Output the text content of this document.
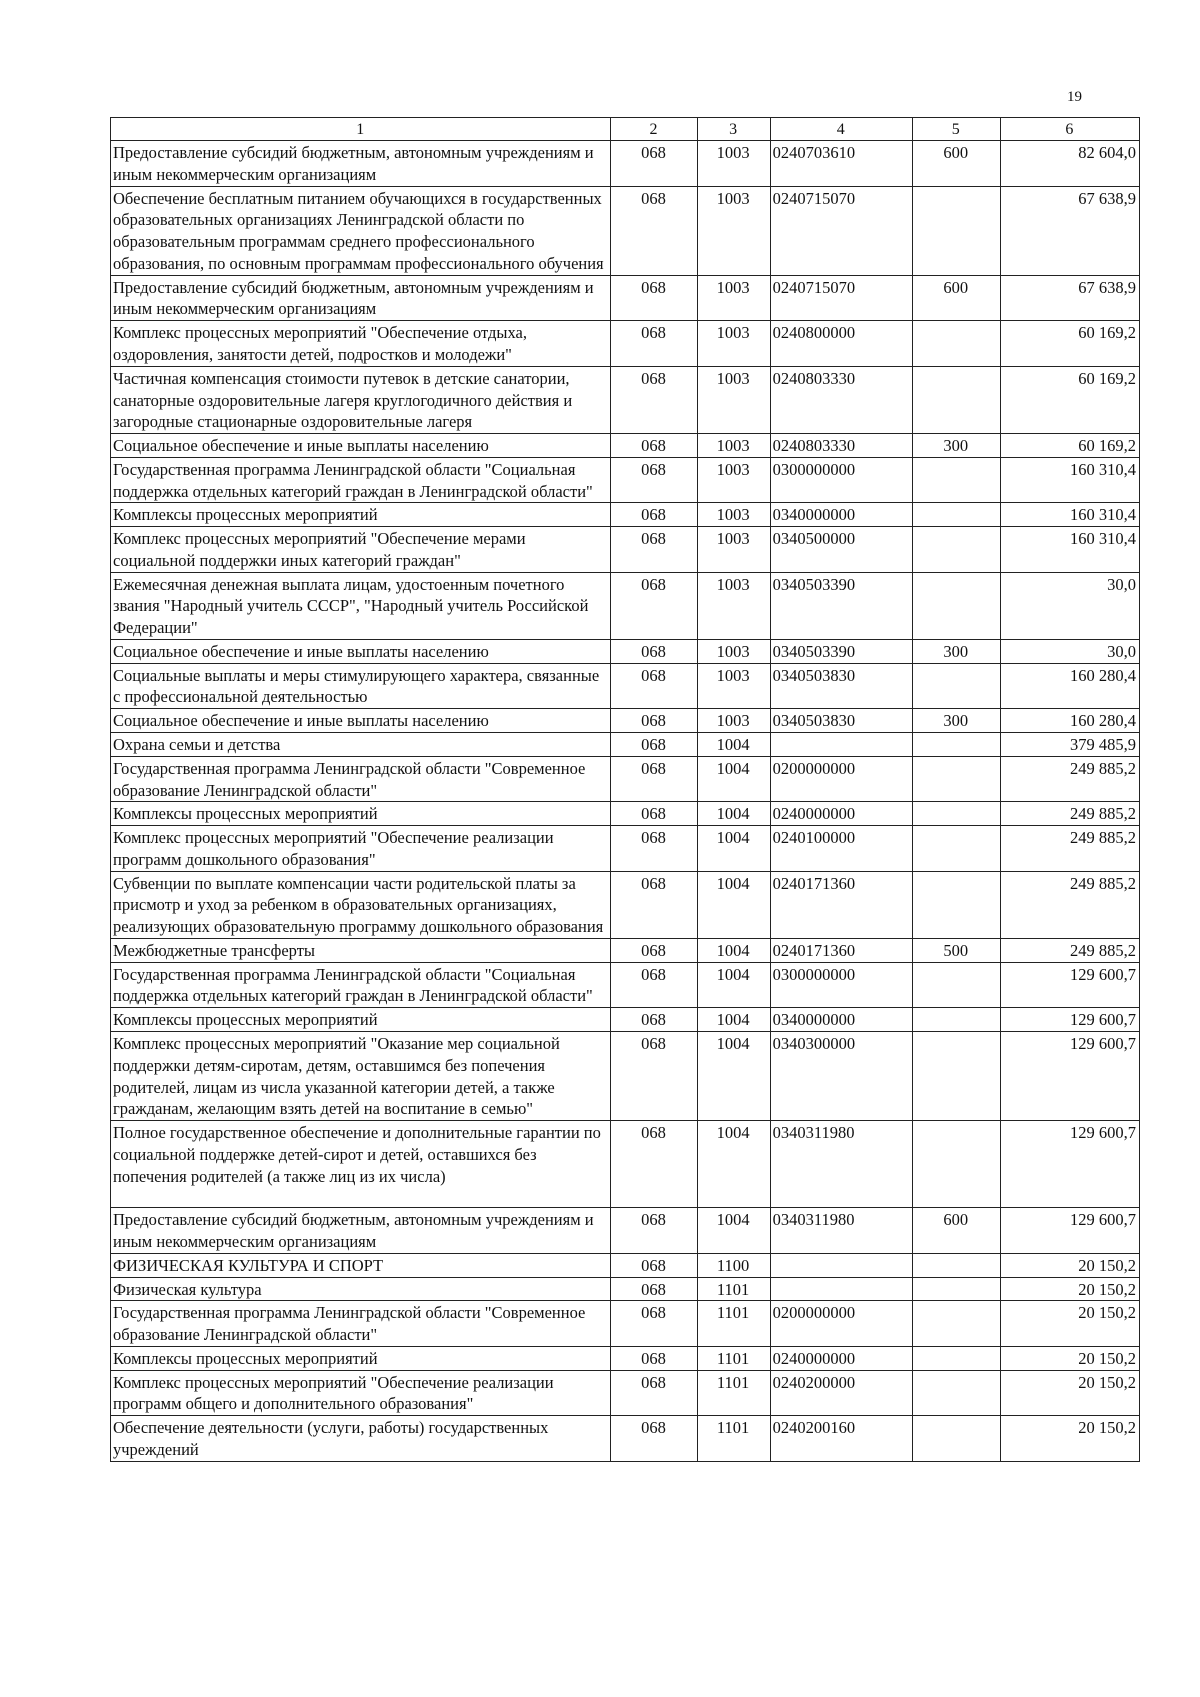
19
1	2	3	4	5	6
Предоставление субсидий бюджетным, автономным учреждениям и иным некоммерческим организациям	068	1003	0240703610	600	82 604,0
Обеспечение бесплатным питанием обучающихся в государственных образовательных организациях Ленинградской области по образовательным программам среднего профессионального образования, по основным программам профессионального обучения	068	1003	0240715070		67 638,9
Предоставление субсидий бюджетным, автономным учреждениям и иным некоммерческим организациям	068	1003	0240715070	600	67 638,9
Комплекс процессных мероприятий "Обеспечение отдыха, оздоровления, занятости детей, подростков и молодежи"	068	1003	0240800000		60 169,2
Частичная компенсация стоимости путевок в детские санатории, санаторные оздоровительные лагеря круглогодичного действия и загородные стационарные оздоровительные лагеря	068	1003	0240803330		60 169,2
Социальное обеспечение и иные выплаты населению	068	1003	0240803330	300	60 169,2
Государственная программа Ленинградской области "Социальная поддержка отдельных категорий граждан в Ленинградской области"	068	1003	0300000000		160 310,4
Комплексы процессных мероприятий	068	1003	0340000000		160 310,4
Комплекс процессных мероприятий "Обеспечение мерами социальной поддержки иных категорий граждан"	068	1003	0340500000		160 310,4
Ежемесячная денежная выплата лицам, удостоенным почетного звания "Народный учитель СССР", "Народный учитель Российской Федерации"	068	1003	0340503390		30,0
Социальное обеспечение и иные выплаты населению	068	1003	0340503390	300	30,0
Социальные выплаты и меры стимулирующего характера, связанные с профессиональной деятельностью	068	1003	0340503830		160 280,4
Социальное обеспечение и иные выплаты населению	068	1003	0340503830	300	160 280,4
Охрана семьи и детства	068	1004			379 485,9
Государственная программа Ленинградской области "Современное образование Ленинградской области"	068	1004	0200000000		249 885,2
Комплексы процессных мероприятий	068	1004	0240000000		249 885,2
Комплекс процессных мероприятий "Обеспечение реализации программ дошкольного образования"	068	1004	0240100000		249 885,2
Субвенции по выплате компенсации части родительской платы за присмотр и уход за ребенком в образовательных организациях, реализующих образовательную программу дошкольного образования	068	1004	0240171360		249 885,2
Межбюджетные трансферты	068	1004	0240171360	500	249 885,2
Государственная программа Ленинградской области "Социальная поддержка отдельных категорий граждан в Ленинградской области"	068	1004	0300000000		129 600,7
Комплексы процессных мероприятий	068	1004	0340000000		129 600,7
Комплекс процессных мероприятий "Оказание мер социальной поддержки детям-сиротам, детям, оставшимся без попечения родителей, лицам из числа указанной категории детей, а также гражданам, желающим взять детей на воспитание в семью"	068	1004	0340300000		129 600,7
Полное государственное обеспечение и дополнительные гарантии по социальной поддержке детей-сирот и детей, оставшихся без попечения родителей (а также лиц из их числа)	068	1004	0340311980		129 600,7
Предоставление субсидий бюджетным, автономным учреждениям и иным некоммерческим организациям	068	1004	0340311980	600	129 600,7
ФИЗИЧЕСКАЯ КУЛЬТУРА И СПОРТ	068	1100			20 150,2
Физическая культура	068	1101			20 150,2
Государственная программа Ленинградской области "Современное образование Ленинградской области"	068	1101	0200000000		20 150,2
Комплексы процессных мероприятий	068	1101	0240000000		20 150,2
Комплекс процессных мероприятий "Обеспечение реализации программ общего и дополнительного образования"	068	1101	0240200000		20 150,2
Обеспечение деятельности (услуги, работы) государственных учреждений	068	1101	0240200160		20 150,2
